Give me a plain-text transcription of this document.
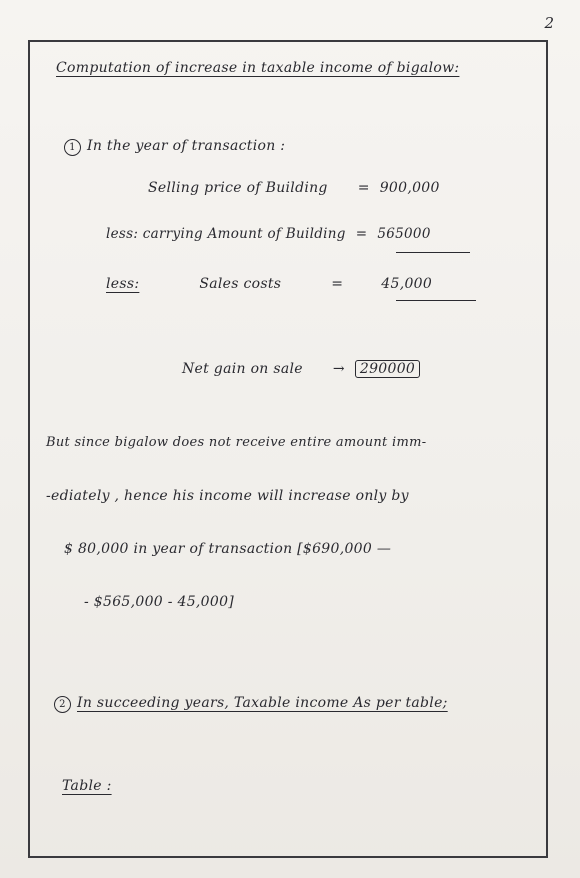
2
Computation of increase in taxable income of bigalow:
1 In the year of transaction :
Selling price of Building = 900,000
less: carrying Amount of Building = 565000
less:	Sales costs	=	45,000
Net gain on sale → 290000
But since bigalow does not receive entire amount imm-
-ediately , hence his income will increase only by
$ 80,000 in year of transaction [$690,000 —
- $565,000 - 45,000]
2 In succeeding years, Taxable income As per table;
Table :
